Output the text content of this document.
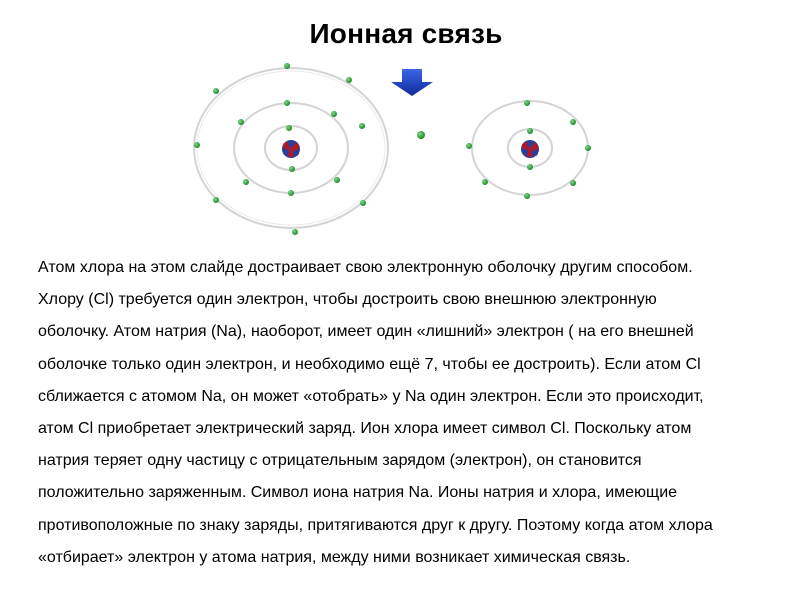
Ионная связь

Атом хлора на этом слайде достраивает свою электронную оболочку другим способом.
Хлору (Cl) требуется один электрон, чтобы достроить свою внешнюю электронную
оболочку. Атом натрия (Na), наоборот, имеет один «лишний» электрон ( на его внешней
оболочке только один электрон, и необходимо ещё 7, чтобы ее достроить). Если атом Cl
сближается с атомом Na, он может «отобрать» у Na один электрон. Если это происходит,
атом Cl приобретает электрический заряд. Ион хлора имеет символ Cl. Поскольку атом
натрия теряет одну частицу с отрицательным зарядом (электрон), он становится
положительно заряженным. Символ иона натрия Na. Ионы натрия и хлора, имеющие
противоположные по знаку заряды, притягиваются друг к другу. Поэтому когда атом хлора
«отбирает» электрон у атома натрия, между ними возникает химическая связь.
